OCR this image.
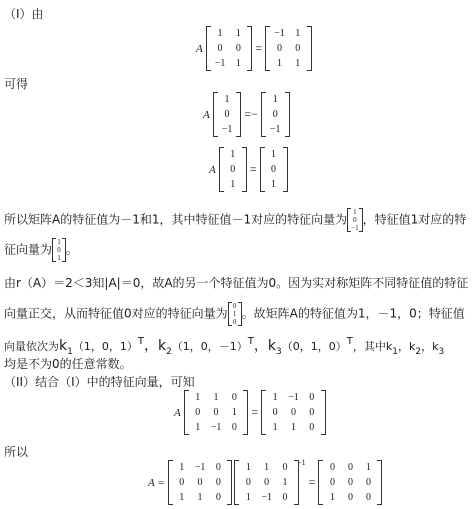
（I）由
A
1	1
0	0
−1	1
=
−1	1
0	0
1	1
可得
A
1
0
−1
=−
1
0
−1
A
1
0
1
=
1
0
1
所以矩阵A的特征值为－1和1，其中特征值－1对应的特征向量为
1
0
−1
，特征值1对应的特
征向量为
1
0
1
。
由r（A）＝2＜3知|A|＝0，故A的另一个特征值为0。因为实对称矩阵不同特征值的特征
向量正交，从而特征值0对应的特征向量为
0
1
0
。故矩阵A的特征值为1，－1，0；特征值
向量依次为$k_1(1$，0，1）T，$k_2(1$，0，－1）T，$k_3(0$，1，0）T，其中$k_1$，$k_2$，$k_3$
均是不为0的任意常数。
（II）结合（I）中的特征向量，可知
A
1	1	0
0	0	1
1	−1	0
=
1	−1	0
0	0	0
1	1	0
所以
A =
1	−1	0
0	0	0
1	1	0
1	1	0
0	0	1
1	−1	0
-1
=
0	0	1
0	0	0
1	0	0
